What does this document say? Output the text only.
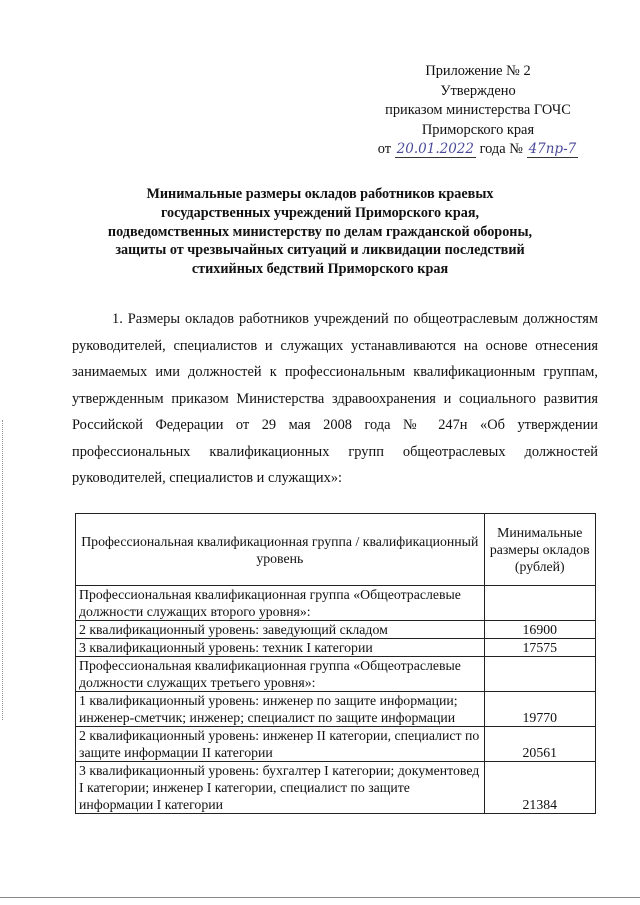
Приложение № 2
Утверждено
приказом министерства ГОЧС
Приморского края
от 20.01.2022 года № 47пр-7
Минимальные размеры окладов работников краевых
государственных учреждений Приморского края,
подведомственных министерству по делам гражданской обороны,
защиты от чрезвычайных ситуаций и ликвидации последствий
стихийных бедствий Приморского края
1. Размеры окладов работников учреждений по общеотраслевым должностям руководителей, специалистов и служащих устанавливаются на основе отнесения занимаемых ими должностей к профессиональным квалификационным группам, утвержденным приказом Министерства здравоохранения и социального развития Российской Федерации от 29 мая 2008 года № 247н «Об утверждении профессиональных квалификационных групп общеотраслевых должностей руководителей, специалистов и служащих»:
Профессиональная квалификационная группа / квалификационный уровень	Минимальные размеры окладов (рублей)
Профессиональная квалификационная группа «Общеотраслевые должности служащих второго уровня»:	
2 квалификационный уровень: заведующий складом	16900
3 квалификационный уровень: техник I категории	17575
Профессиональная квалификационная группа «Общеотраслевые должности служащих третьего уровня»:	
1 квалификационный уровень: инженер по защите информации; инженер-сметчик; инженер; специалист по защите информации	19770
2 квалификационный уровень: инженер II категории, специалист по защите информации II категории	20561
3 квалификационный уровень: бухгалтер I категории; документовед I категории; инженер I категории, специалист по защите информации I категории	21384
